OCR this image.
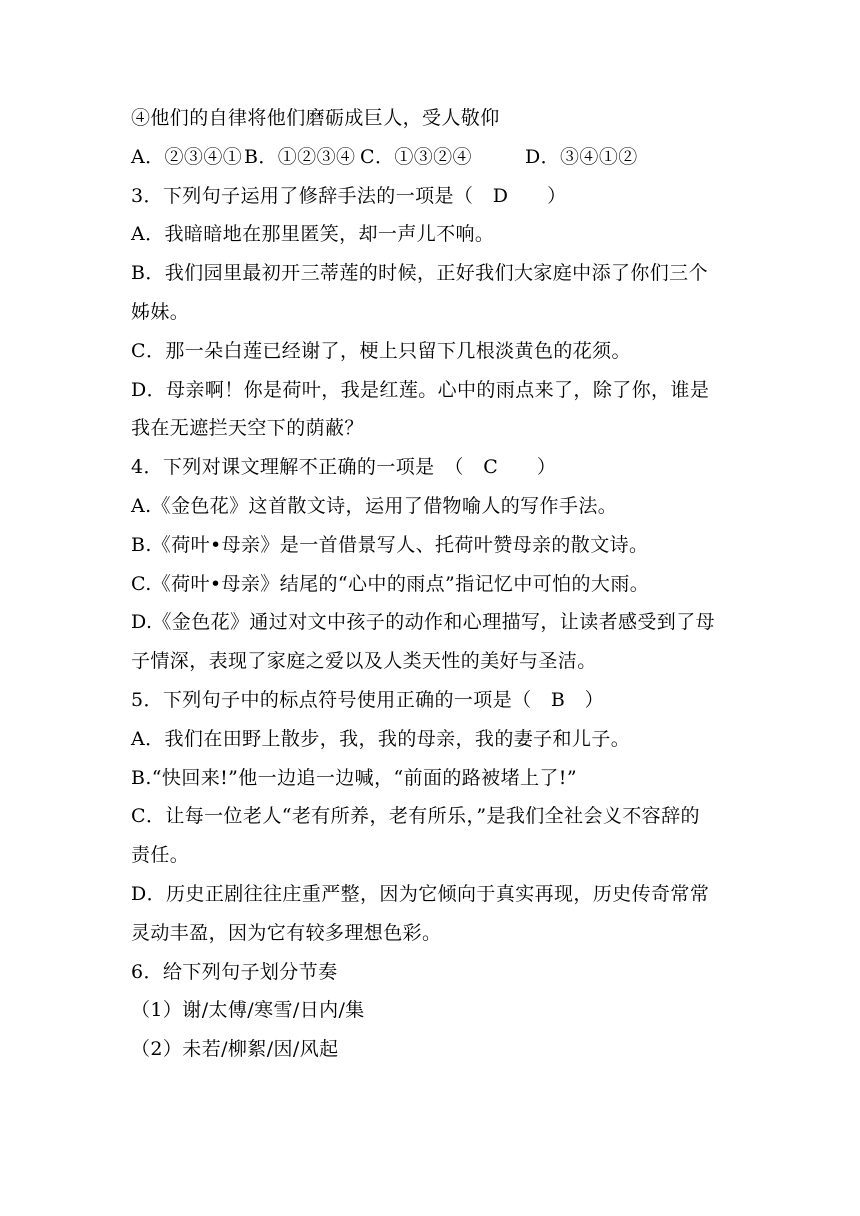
④他们的自律将他们磨砺成巨人，受人敬仰
A．②③④① B．①②③④ C．①③②④	D．③④①②
3．下列句子运用了修辞手法的一项是（　D　　）
A．我暗暗地在那里匿笑，却一声儿不响。
B．我们园里最初开三蒂莲的时候，正好我们大家庭中添了你们三个
姊妹。
C．那一朵白莲已经谢了，梗上只留下几根淡黄色的花须。
D．母亲啊！你是荷叶，我是红莲。心中的雨点来了，除了你，谁是
我在无遮拦天空下的荫蔽？
4．下列对课文理解不正确的一项是　（　C　　）
A.《金色花》这首散文诗，运用了借物喻人的写作手法。
B.《荷叶•母亲》是一首借景写人、托荷叶赞母亲的散文诗。
C.《荷叶•母亲》结尾的“心中的雨点”指记忆中可怕的大雨。
D.《金色花》通过对文中孩子的动作和心理描写，让读者感受到了母
子情深，表现了家庭之爱以及人类天性的美好与圣洁。
5．下列句子中的标点符号使用正确的一项是（　B　）
A．我们在田野上散步，我，我的母亲，我的妻子和儿子。
B.“快回来!”他一边追一边喊，“前面的路被堵上了!”
C．让每一位老人“老有所养，老有所乐，”是我们全社会义不容辞的
责任。
D．历史正剧往往庄重严整，因为它倾向于真实再现，历史传奇常常
灵动丰盈，因为它有较多理想色彩。
6．给下列句子划分节奏
（1）谢/太傅/寒雪/日内/集
（2）未若/柳絮/因/风起
